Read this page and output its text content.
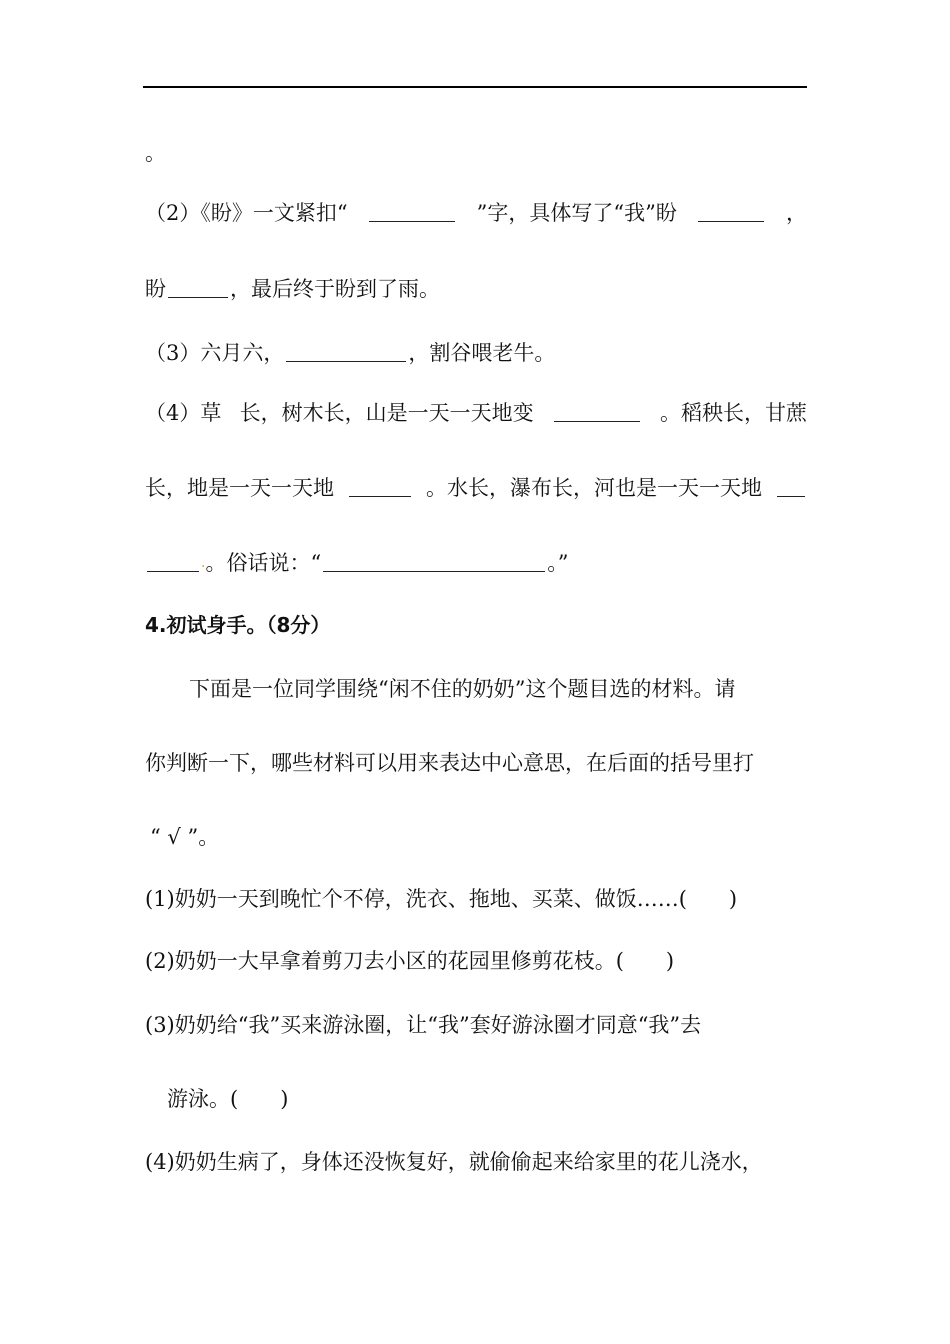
。
（2）《盼》一文紧扣“	”字，具体写了“我”盼	，
盼	，最后终于盼到了雨。
（3）六月六，	，割谷喂老牛。
（4）草 长，树木长，山是一天一天地变	。稻秧长，甘蔗
长，地是一天一天地	。水长，瀑布长，河也是一天一天地
. 。俗话说：“	。”
4.初试身手。（8分）
下面是一位同学围绕“闲不住的奶奶”这个题目选的材料。请
你判断一下，哪些材料可以用来表达中心意思，在后面的括号里打
“ √ ”。
(1)奶奶一天到晚忙个不停，洗衣、拖地、买菜、做饭……(　　)
(2)奶奶一大早拿着剪刀去小区的花园里修剪花枝。(　　)
(3)奶奶给“我”买来游泳圈，让“我”套好游泳圈才同意“我”去
游泳。(　　)
(4)奶奶生病了，身体还没恢复好，就偷偷起来给家里的花儿浇水，
